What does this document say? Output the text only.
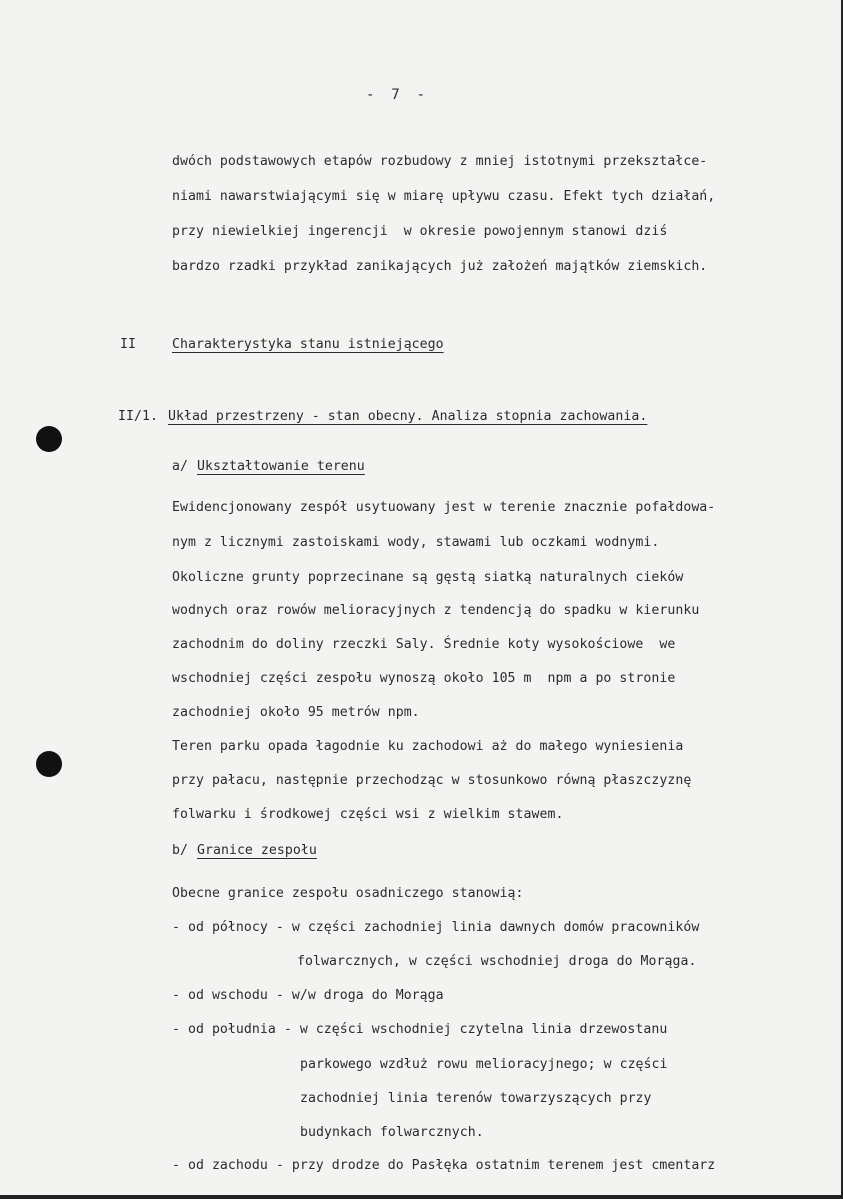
-  7  -
dwóch podstawowych etapów rozbudowy z mniej istotnymi przekształce-
niami nawarstwiającymi się w miarę upływu czasu. Efekt tych działań,
przy niewielkiej ingerencji  w okresie powojennym stanowi dziś
bardzo rzadki przykład zanikających już założeń majątków ziemskich.
II	Charakterystyka stanu istniejącego
II/1. Układ przestrzeny - stan obecny. Analiza stopnia zachowania.
a/ Ukształtowanie terenu
Ewidencjonowany zespół usytuowany jest w terenie znacznie pofałdowa-
nym z licznymi zastoiskami wody, stawami lub oczkami wodnymi.
Okoliczne grunty poprzecinane są gęstą siatką naturalnych cieków
wodnych oraz rowów melioracyjnych z tendencją do spadku w kierunku
zachodnim do doliny rzeczki Saly. Średnie koty wysokościowe  we
wschodniej części zespołu wynoszą około 105 m  npm a po stronie
zachodniej około 95 metrów npm.
Teren parku opada łagodnie ku zachodowi aż do małego wyniesienia
przy pałacu, następnie przechodząc w stosunkowo równą płaszczyznę
folwarku i środkowej części wsi z wielkim stawem.
b/ Granice zespołu
Obecne granice zespołu osadniczego stanowią:
- od północy - w części zachodniej linia dawnych domów pracowników
folwarcznych, w części wschodniej droga do Morąga.
- od wschodu - w/w droga do Morąga
- od południa - w części wschodniej czytelna linia drzewostanu
parkowego wzdłuż rowu melioracyjnego; w części
zachodniej linia terenów towarzyszących przy
budynkach folwarcznych.
- od zachodu - przy drodze do Pasłęka ostatnim terenem jest cmentarz
